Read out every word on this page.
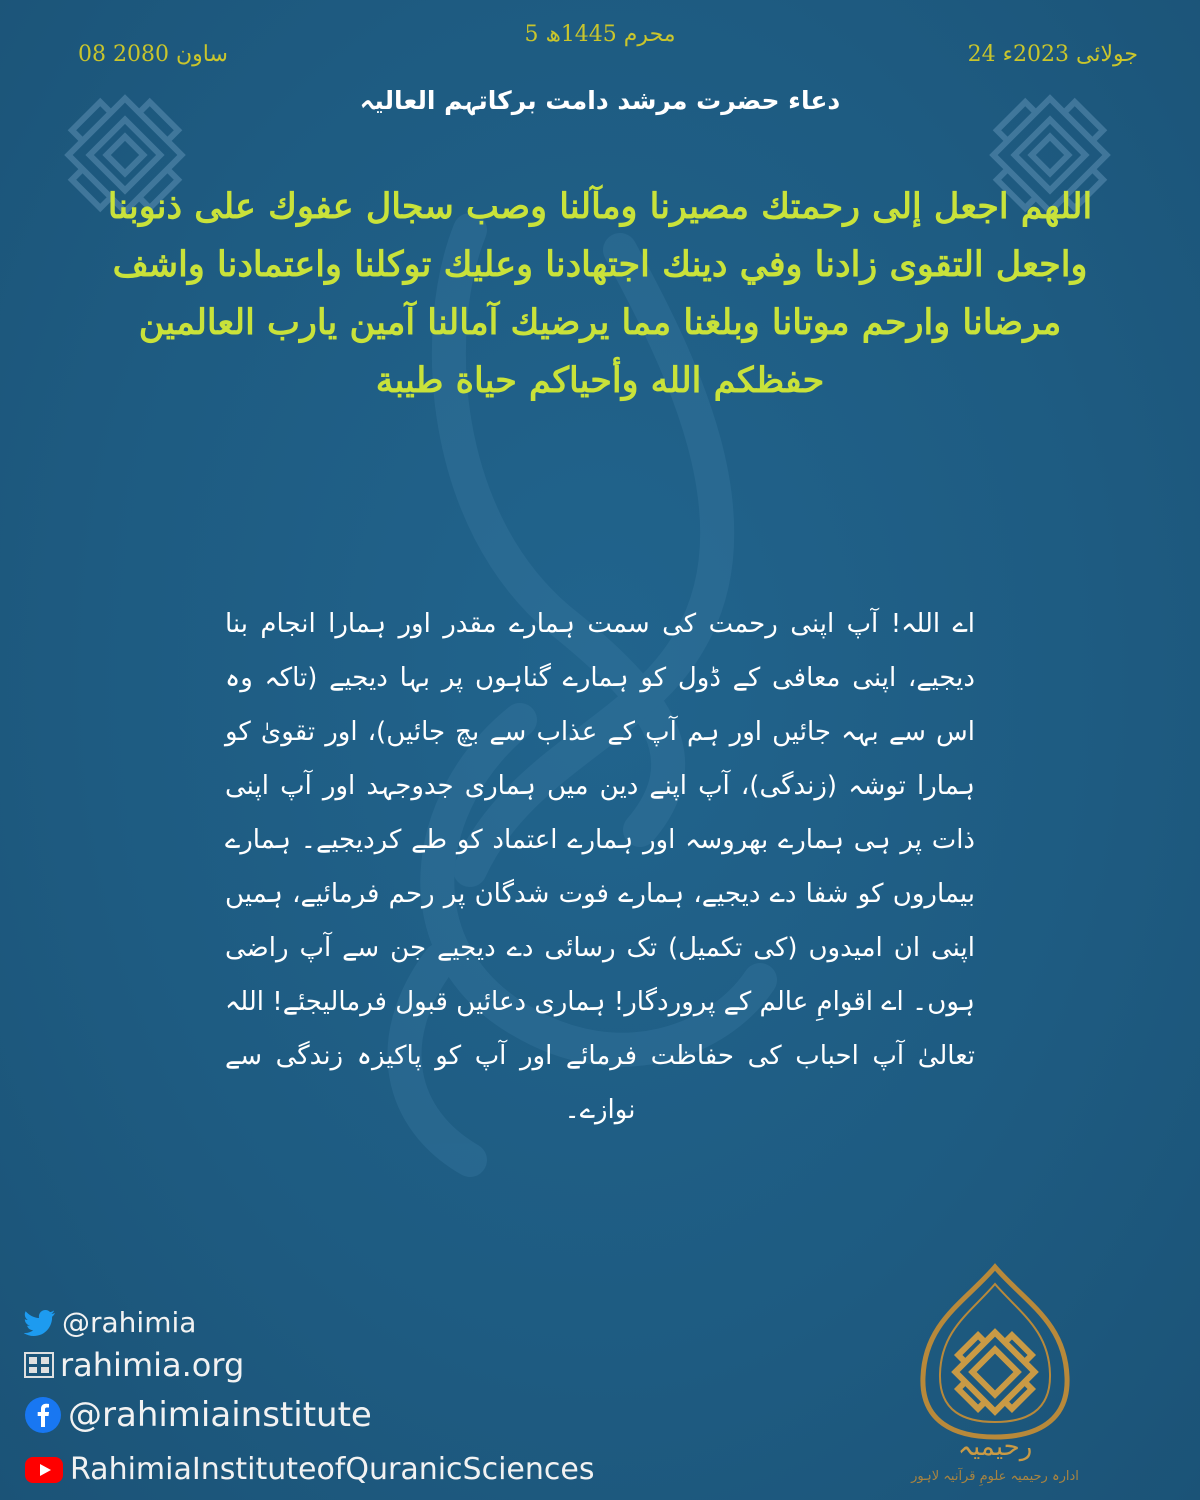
5 محرم 1445ھ
08 ساون 2080	24 جولائی 2023ء
دعاء حضرت مرشد دامت برکاتہم العالیہ
اللهم اجعل إلى رحمتك مصيرنا ومآلنا وصب سجال عفوك على ذنوبنا واجعل التقوى زادنا وفي دينك اجتهادنا وعليك توكلنا واعتمادنا واشف مرضانا وارحم موتانا وبلغنا مما يرضيك آمالنا آمين يارب العالمين حفظكم الله وأحياكم حياة طيبة
اے اللہ! آپ اپنی رحمت کی سمت ہمارے مقدر اور ہمارا انجام بنا دیجیے، اپنی معافی کے ڈول کو ہمارے گناہوں پر بہا دیجیے (تاکہ وہ اس سے بہہ جائیں اور ہم آپ کے عذاب سے بچ جائیں)، اور تقویٰ کو ہمارا توشہ (زندگی)، آپ اپنے دین میں ہماری جدوجہد اور آپ اپنی ذات پر ہی ہمارے بھروسہ اور ہمارے اعتماد کو طے کردیجیے۔ ہمارے بیماروں کو شفا دے دیجیے، ہمارے فوت شدگان پر رحم فرمائیے، ہمیں اپنی ان امیدوں (کی تکمیل) تک رسائی دے دیجیے جن سے آپ راضی ہوں۔ اے اقوامِ عالم کے پروردگار! ہماری دعائیں قبول فرمالیجئے! اللہ تعالیٰ آپ احباب کی حفاظت فرمائے اور آپ کو پاکیزہ زندگی سے نوازے۔
@rahimia
rahimia.org
@rahimiainstitute
RahimiaInstituteofQuranicSciences
رحیمیہ
ادارہ رحیمیہ علومِ قرآنیہ لاہور
